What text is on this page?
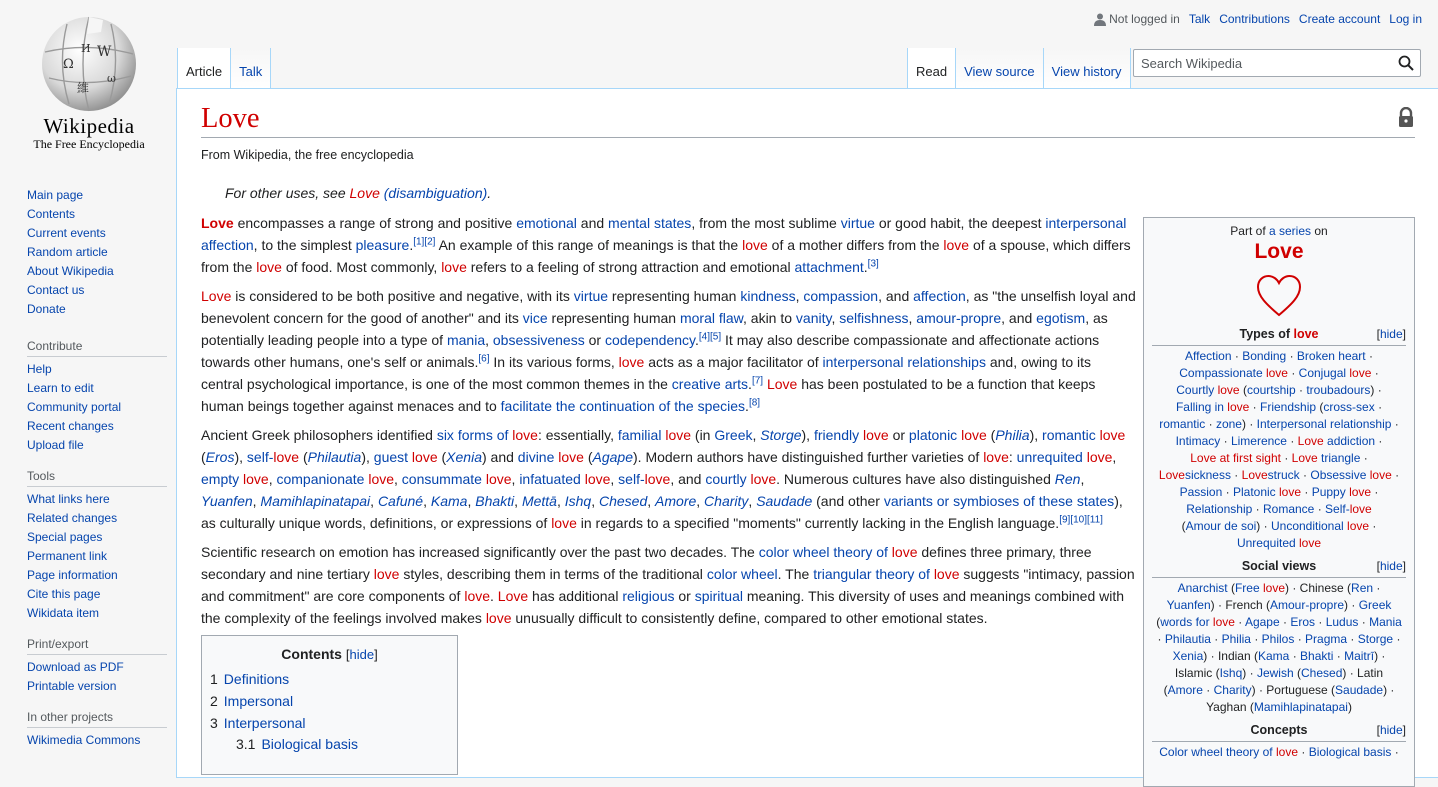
Ω
W
И
維
ω
Wikipedia
The Free Encyclopedia
Not logged in Talk Contributions Create account Log in
Main page
Contents
Current events
Random article
About Wikipedia
Contact us
Donate
Contribute
Help
Learn to edit
Community portal
Recent changes
Upload file
Tools
What links here
Related changes
Special pages
Permanent link
Page information
Cite this page
Wikidata item
Print/export
Download as PDF
Printable version
In other projects
Wikimedia Commons
Article	Talk	Read	View source	View history
Search Wikipedia
Love
From Wikipedia, the free encyclopedia
For other uses, see Love (disambiguation).

Love encompasses a range of strong and positive emotional and mental states, from the most sublime virtue or good habit, the deepest interpersonal affection, to the simplest pleasure.[1][2] An example of this range of meanings is that the love of a mother differs from the love of a spouse, which differs from the love of food. Most commonly, love refers to a feeling of strong attraction and emotional attachment.[3]

Love is considered to be both positive and negative, with its virtue representing human kindness, compassion, and affection, as "the unselfish loyal and benevolent concern for the good of another" and its vice representing human moral flaw, akin to vanity, selfishness, amour-propre, and egotism, as potentially leading people into a type of mania, obsessiveness or codependency.[4][5] It may also describe compassionate and affectionate actions towards other humans, one's self or animals.[6] In its various forms, love acts as a major facilitator of interpersonal relationships and, owing to its central psychological importance, is one of the most common themes in the creative arts.[7] Love has been postulated to be a function that keeps human beings together against menaces and to facilitate the continuation of the species.[8]

Ancient Greek philosophers identified six forms of love: essentially, familial love (in Greek, Storge), friendly love or platonic love (Philia), romantic love (Eros), self-love (Philautia), guest love (Xenia) and divine love (Agape). Modern authors have distinguished further varieties of love: unrequited love, empty love, companionate love, consummate love, infatuated love, self-love, and courtly love. Numerous cultures have also distinguished Ren, Yuanfen, Mamihlapinatapai, Cafuné, Kama, Bhakti, Mettā, Ishq, Chesed, Amore, Charity, Saudade (and other variants or symbioses of these states), as culturally unique words, definitions, or expressions of love in regards to a specified "moments" currently lacking in the English language.[9][10][11]

Scientific research on emotion has increased significantly over the past two decades. The color wheel theory of love defines three primary, three secondary and nine tertiary love styles, describing them in terms of the traditional color wheel. The triangular theory of love suggests "intimacy, passion and commitment" are core components of love. Love has additional religious or spiritual meaning. This diversity of uses and meanings combined with the complexity of the feelings involved makes love unusually difficult to consistently define, compared to other emotional states.

Contents [hide]
1 Definitions
2 Impersonal
3 Interpersonal
3.1 Biological basis
Part of a series on
Love
Types of love	[hide]
Affection · Bonding · Broken heart ·
Compassionate love · Conjugal love ·
Courtly love (courtship · troubadours) ·
Falling in love · Friendship (cross-sex ·
romantic · zone) · Interpersonal relationship ·
Intimacy · Limerence · Love addiction ·
Love at first sight · Love triangle ·
Lovesickness · Lovestruck · Obsessive love ·
Passion · Platonic love · Puppy love ·
Relationship · Romance · Self-love
(Amour de soi) · Unconditional love ·
Unrequited love
Social views	[hide]
Anarchist (Free love) · Chinese (Ren ·
Yuanfen) · French (Amour-propre) · Greek
(words for love · Agape · Eros · Ludus · Mania
· Philautia · Philia · Philos · Pragma · Storge ·
Xenia) · Indian (Kama · Bhakti · Maitrī) ·
Islamic (Ishq) · Jewish (Chesed) · Latin
(Amore · Charity) · Portuguese (Saudade) ·
Yaghan (Mamihlapinatapai)
Concepts	[hide]
Color wheel theory of love · Biological basis ·
